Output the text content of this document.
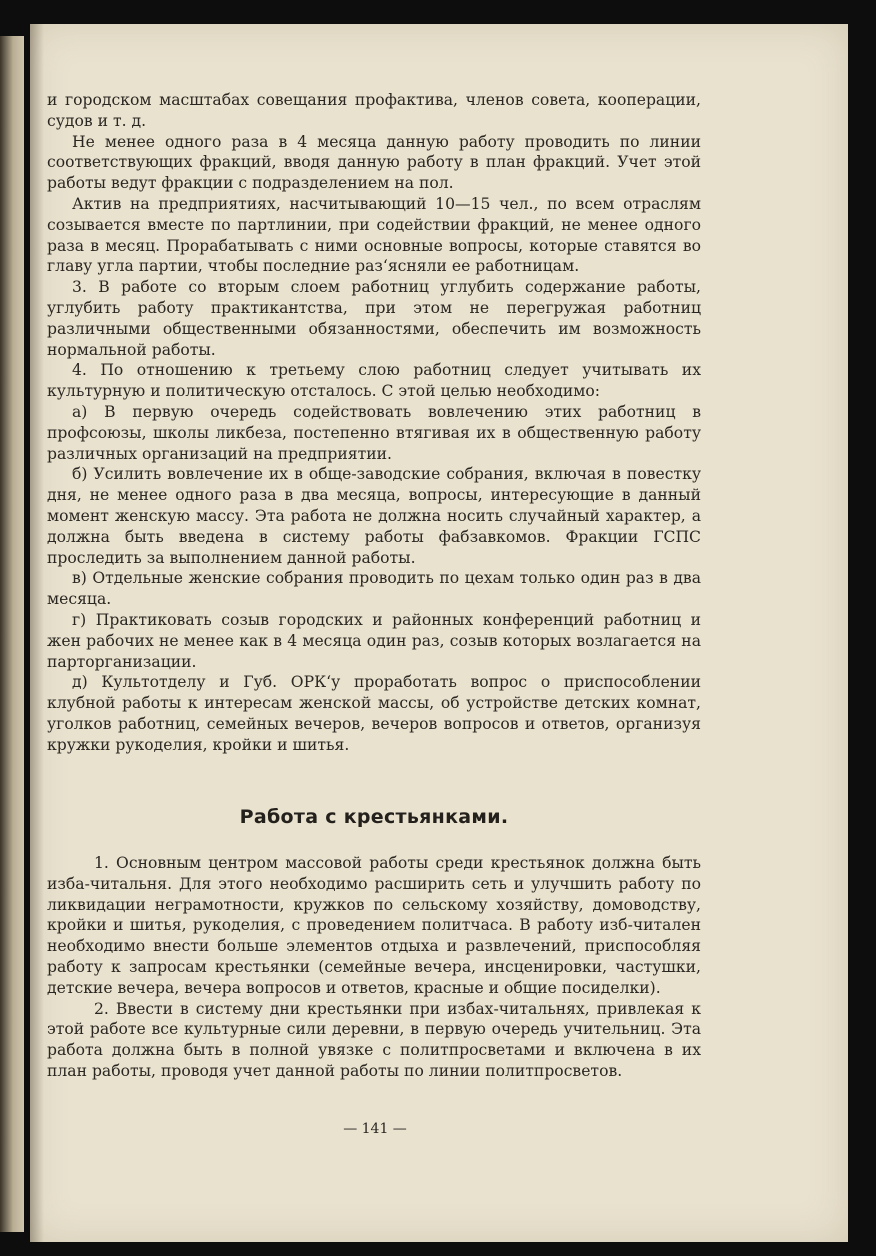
и городском масштабах совещания профактива, членов совета, кооперации, судов и т. д.

Не менее одного раза в 4 месяца данную работу проводить по линии соответствующих фракций, вводя данную работу в план фракций. Учет этой работы ведут фракции с подразделением на пол.

Актив на предприятиях, насчитывающий 10—15 чел., по всем отраслям созывается вместе по партлинии, при содействии фракций, не менее одного раза в месяц. Прорабатывать с ними основные вопросы, которые ставятся во главу угла партии, чтобы последние раз‘ясняли ее работницам.

3. В работе со вторым слоем работниц углубить содержание работы, углубить работу практикантства, при этом не перегружая работниц различными общественными обязанностями, обеспечить им возможность нормальной работы.

4. По отношению к третьему слою работниц следует учитывать их культурную и политическую отсталось. С этой целью необходимо:

а) В первую очередь содействовать вовлечению этих работниц в профсоюзы, школы ликбеза, постепенно втягивая их в общественную работу различных организаций на предприятии.

б) Усилить вовлечение их в обще-заводские собрания, включая в повестку дня, не менее одного раза в два месяца, вопросы, интересующие в данный момент женскую массу. Эта работа не должна носить случайный характер, а должна быть введена в систему работы фабзавкомов. Фракции ГСПС проследить за выполнением данной работы.

в) Отдельные женские собрания проводить по цехам только один раз в два месяца.

г) Практиковать созыв городских и районных конференций работниц и жен рабочих не менее как в 4 месяца один раз, созыв которых возлагается на парторганизации.

д) Культотделу и Губ. ОРК‘у проработать вопрос о приспособлении клубной работы к интересам женской массы, об устройстве детских комнат, уголков работниц, семейных вечеров, вечеров вопросов и ответов, организуя кружки рукоделия, кройки и шитья.

Работа с крестьянками.

1. Основным центром массовой работы среди крестьянок должна быть изба-читальня. Для этого необходимо расширить сеть и улучшить работу по ликвидации неграмотности, кружков по сельскому хозяйству, домоводству, кройки и шитья, рукоделия, с проведением политчаса. В работу изб-читален необходимо внести больше элементов отдыха и развлечений, приспособляя работу к запросам крестьянки (семейные вечера, инсценировки, частушки, детские вечера, вечера вопросов и ответов, красные и общие посиделки).

2. Ввести в систему дни крестьянки при избах-читальнях, привлекая к этой работе все культурные сили деревни, в первую очередь учительниц. Эта работа должна быть в полной увязке с политпросветами и включена в их план работы, проводя учет данной работы по линии политпросветов.

— 141 —
